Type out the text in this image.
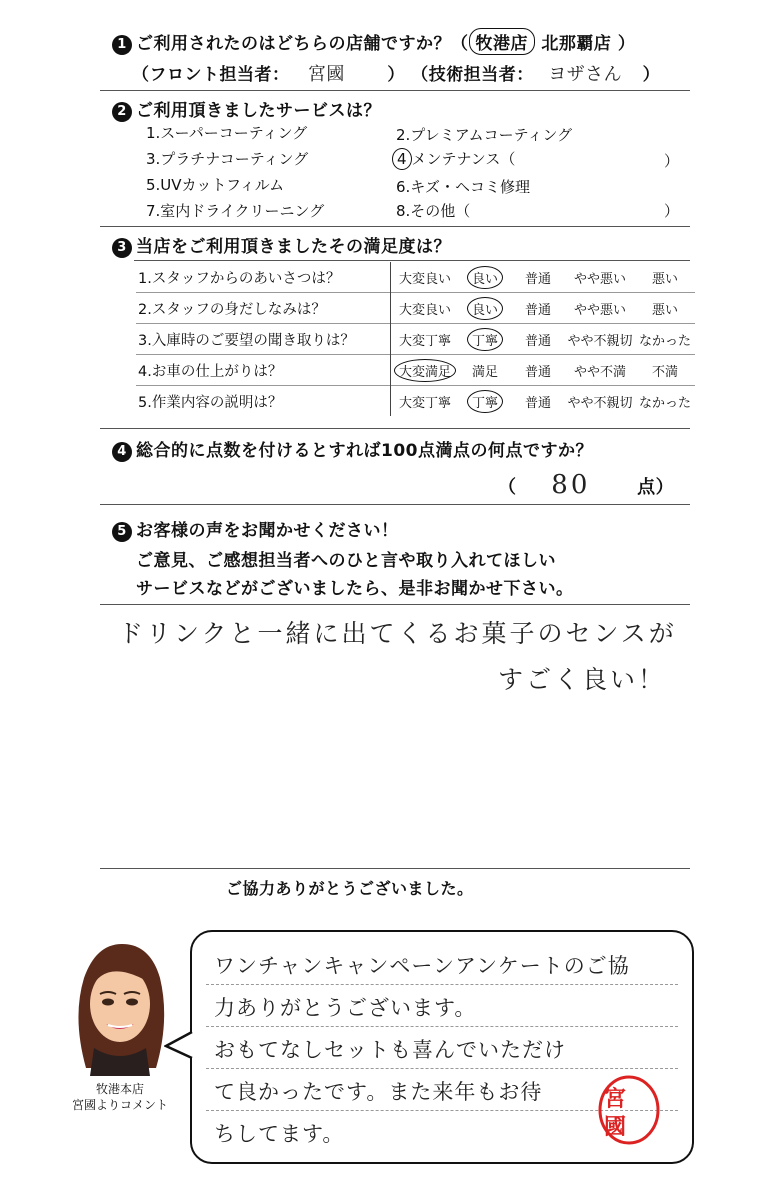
1 ご利用されたのはどちらの店舗ですか？（ 牧港店 北那覇店 ）
（フロント担当者： 宮國 ） （技術担当者： ヨザさん ）
2 ご利用頂きましたサービスは？
1.スーパーコーティング	2.プレミアムコーティング
3.プラチナコーティング	4 メンテナンス（	）
5.UVカットフィルム	6.キズ・ヘコミ修理
7.室内ドライクリーニング	8.その他（	）
3 当店をご利用頂きましたその満足度は？
1.スタッフからのあいさつは？	大変良い	良い	普通	やや悪い	悪い
2.スタッフの身だしなみは？	大変良い	良い	普通	やや悪い	悪い
3.入庫時のご要望の聞き取りは？	大変丁寧	丁寧	普通	やや不親切	なかった
4.お車の仕上がりは？	大変満足	満足	普通	やや不満	不満
5.作業内容の説明は？	大変丁寧	丁寧	普通	やや不親切	なかった
4 総合的に点数を付けるとすれば100点満点の何点ですか？
（ 80	点）
5 お客様の声をお聞かせください！
ご意見、ご感想担当者へのひと言や取り入れてほしい
サービスなどがございましたら、是非お聞かせ下さい。
ドリンクと一緒に出てくるお菓子のセンスが
すごく良い！
ご協力ありがとうございました。
牧港本店
宮國よりコメント
ワンチャンキャンペーンアンケートのご協
力ありがとうございます。
おもてなしセットも喜んでいただけ
て良かったです。また来年もお待
ちしてます。
宮
國
